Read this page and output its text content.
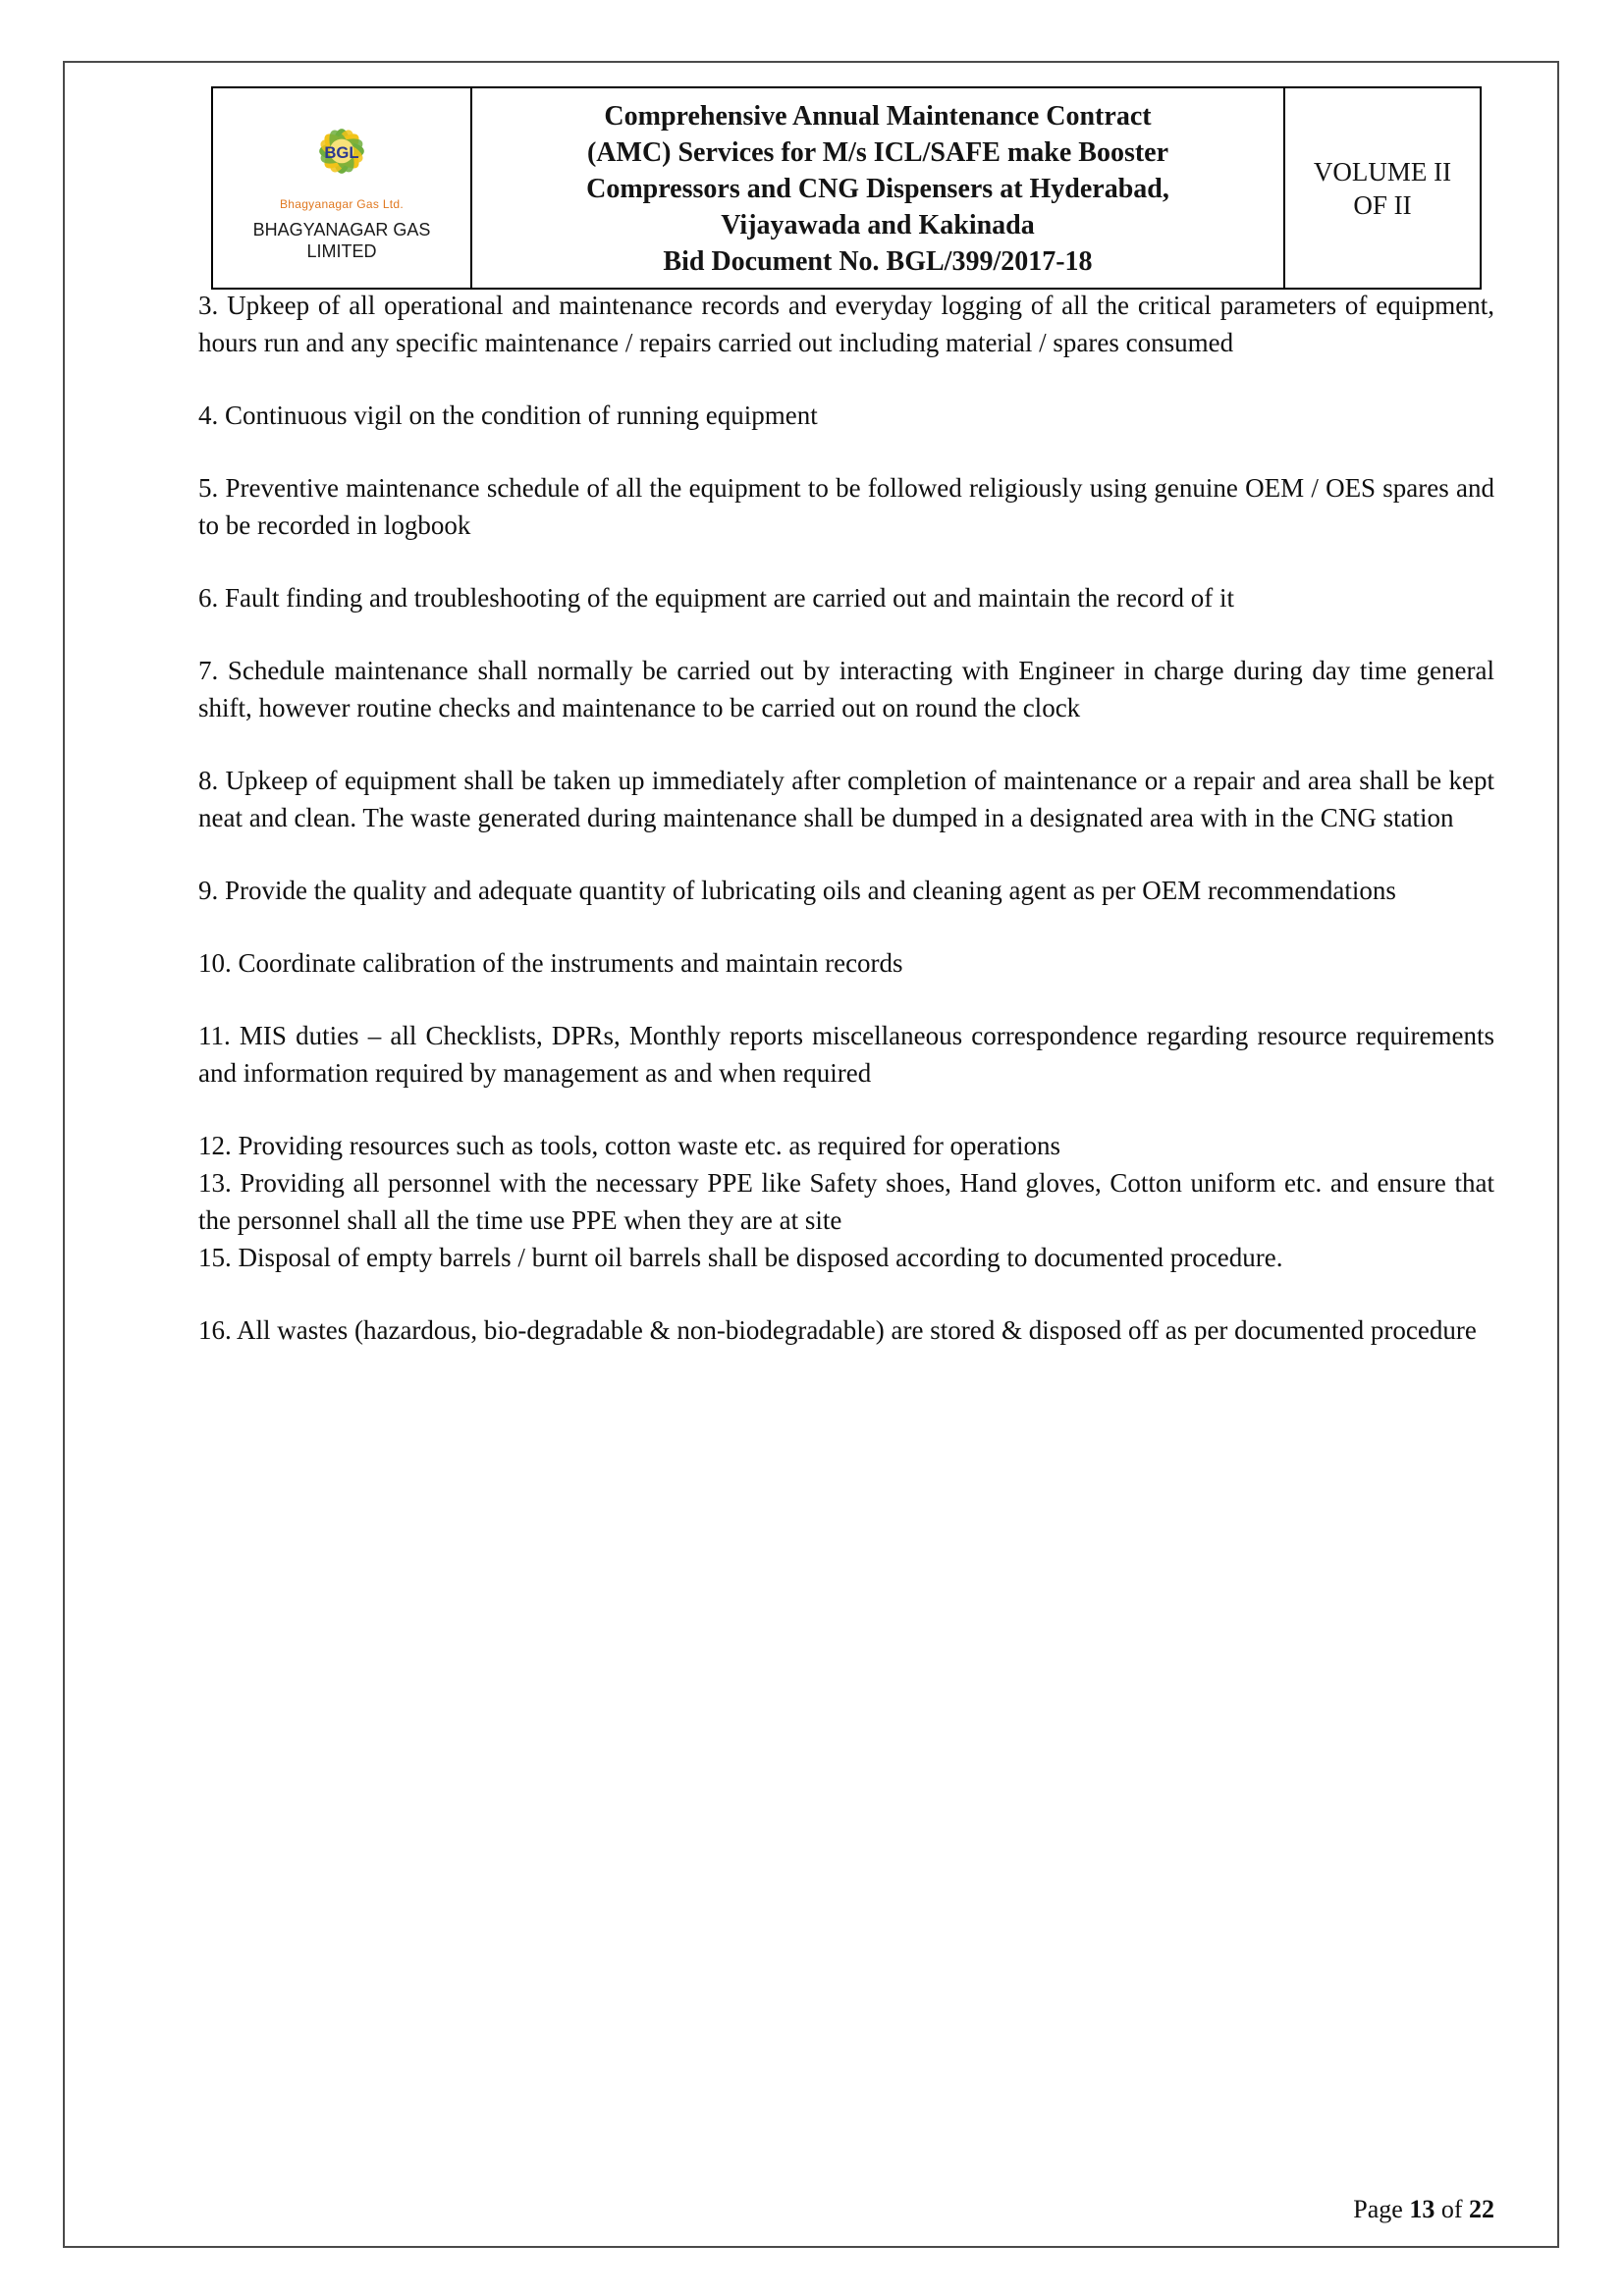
BGL
Bhagyanagar Gas Ltd.
BHAGYANAGAR GAS
LIMITED
Comprehensive Annual Maintenance Contract
(AMC) Services for M/s ICL/SAFE make Booster
Compressors and CNG Dispensers at Hyderabad,
Vijayawada and Kakinada
Bid Document No. BGL/399/2017-18
VOLUME II
OF II

3. Upkeep of all operational and maintenance records and everyday logging of all the critical parameters of equipment, hours run and any specific maintenance / repairs carried out including material / spares consumed

4. Continuous vigil on the condition of running equipment

5. Preventive maintenance schedule of all the equipment to be followed religiously using genuine OEM / OES spares and to be recorded in logbook

6. Fault finding and troubleshooting of the equipment are carried out and maintain the record of it

7. Schedule maintenance shall normally be carried out by interacting with Engineer in charge during day time general shift, however routine checks and maintenance to be carried out on round the clock

8. Upkeep of equipment shall be taken up immediately after completion of maintenance or a repair and area shall be kept neat and clean. The waste generated during maintenance shall be dumped in a designated area with in the CNG station

9. Provide the quality and adequate quantity of lubricating oils and cleaning agent as per OEM recommendations

10. Coordinate calibration of the instruments and maintain records

11. MIS duties – all Checklists, DPRs, Monthly reports miscellaneous correspondence regarding resource requirements and information required by management as and when required

12. Providing resources such as tools, cotton waste etc. as required for operations

13. Providing all personnel with the necessary PPE like Safety shoes, Hand gloves, Cotton uniform etc. and ensure that the personnel shall all the time use PPE when they are at site

15. Disposal of empty barrels / burnt oil barrels shall be disposed according to documented procedure.

16. All wastes (hazardous, bio-degradable & non-biodegradable) are stored & disposed off as per documented procedure

Page 13 of 22
